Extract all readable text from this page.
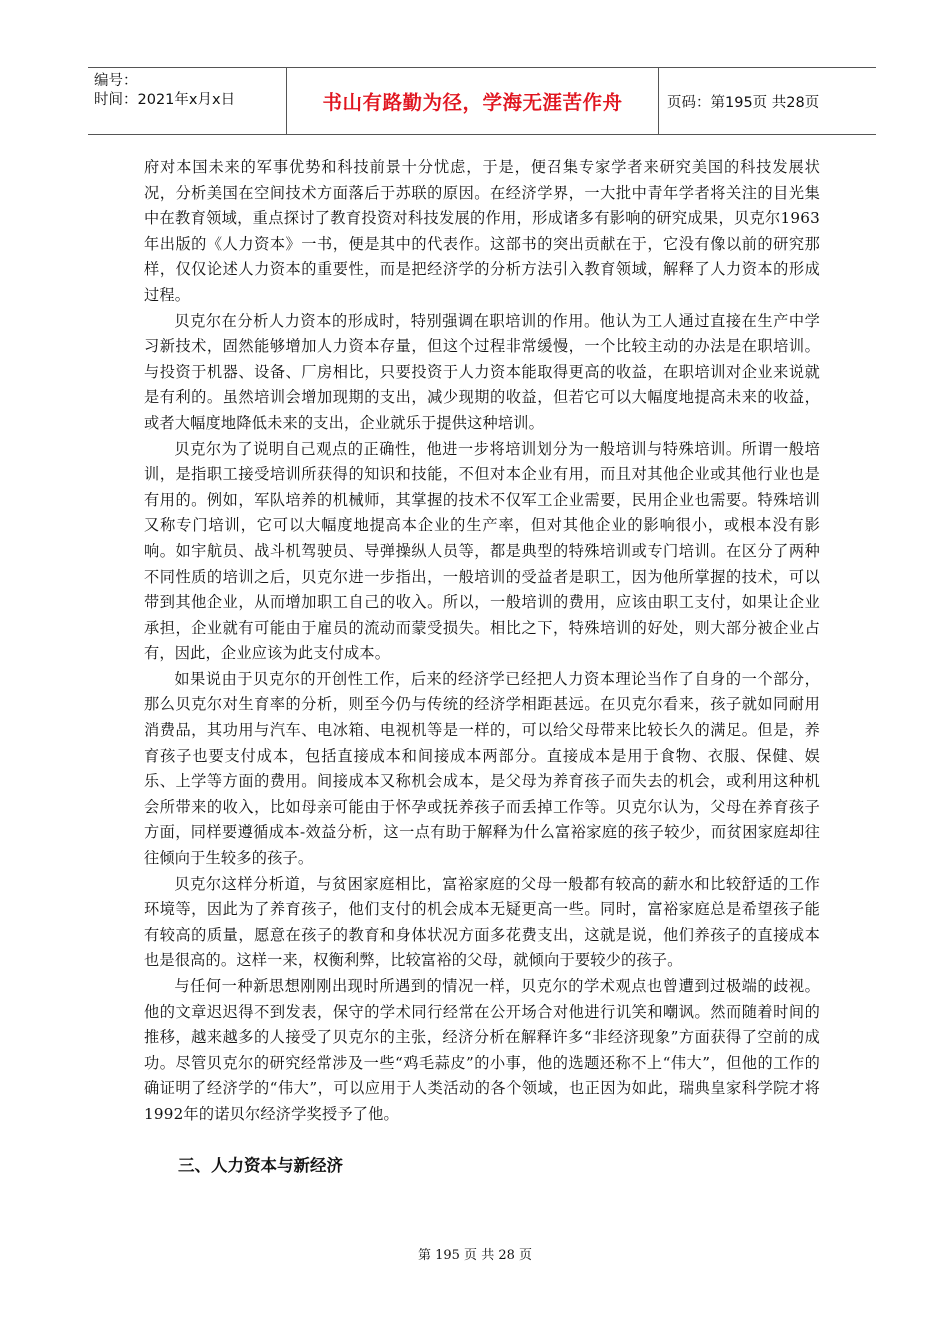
编号：
时间：2021年x月x日	书山有路勤为径，学海无涯苦作舟	页码：第195页 共28页

府对本国未来的军事优势和科技前景十分忧虑，于是，便召集专家学者来研究美国的科技发展状况，分析美国在空间技术方面落后于苏联的原因。在经济学界，一大批中青年学者将关注的目光集中在教育领域，重点探讨了教育投资对科技发展的作用，形成诸多有影响的研究成果，贝克尔1963年出版的《人力资本》一书，便是其中的代表作。这部书的突出贡献在于，它没有像以前的研究那样，仅仅论述人力资本的重要性，而是把经济学的分析方法引入教育领域，解释了人力资本的形成过程。

贝克尔在分析人力资本的形成时，特别强调在职培训的作用。他认为工人通过直接在生产中学习新技术，固然能够增加人力资本存量，但这个过程非常缓慢，一个比较主动的办法是在职培训。与投资于机器、设备、厂房相比，只要投资于人力资本能取得更高的收益，在职培训对企业来说就是有利的。虽然培训会增加现期的支出，减少现期的收益，但若它可以大幅度地提高未来的收益，或者大幅度地降低未来的支出，企业就乐于提供这种培训。

贝克尔为了说明自己观点的正确性，他进一步将培训划分为一般培训与特殊培训。所谓一般培训，是指职工接受培训所获得的知识和技能，不但对本企业有用，而且对其他企业或其他行业也是有用的。例如，军队培养的机械师，其掌握的技术不仅军工企业需要，民用企业也需要。特殊培训又称专门培训，它可以大幅度地提高本企业的生产率，但对其他企业的影响很小，或根本没有影响。如宇航员、战斗机驾驶员、导弹操纵人员等，都是典型的特殊培训或专门培训。在区分了两种不同性质的培训之后，贝克尔进一步指出，一般培训的受益者是职工，因为他所掌握的技术，可以带到其他企业，从而增加职工自己的收入。所以，一般培训的费用，应该由职工支付，如果让企业承担，企业就有可能由于雇员的流动而蒙受损失。相比之下，特殊培训的好处，则大部分被企业占有，因此，企业应该为此支付成本。

如果说由于贝克尔的开创性工作，后来的经济学已经把人力资本理论当作了自身的一个部分，那么贝克尔对生育率的分析，则至今仍与传统的经济学相距甚远。在贝克尔看来，孩子就如同耐用消费品，其功用与汽车、电冰箱、电视机等是一样的，可以给父母带来比较长久的满足。但是，养育孩子也要支付成本，包括直接成本和间接成本两部分。直接成本是用于食物、衣服、保健、娱乐、上学等方面的费用。间接成本又称机会成本，是父母为养育孩子而失去的机会，或利用这种机会所带来的收入，比如母亲可能由于怀孕或抚养孩子而丢掉工作等。贝克尔认为，父母在养育孩子方面，同样要遵循成本-效益分析，这一点有助于解释为什么富裕家庭的孩子较少，而贫困家庭却往往倾向于生较多的孩子。

贝克尔这样分析道，与贫困家庭相比，富裕家庭的父母一般都有较高的薪水和比较舒适的工作环境等，因此为了养育孩子，他们支付的机会成本无疑更高一些。同时，富裕家庭总是希望孩子能有较高的质量，愿意在孩子的教育和身体状况方面多花费支出，这就是说，他们养孩子的直接成本也是很高的。这样一来，权衡利弊，比较富裕的父母，就倾向于要较少的孩子。

与任何一种新思想刚刚出现时所遇到的情况一样，贝克尔的学术观点也曾遭到过极端的歧视。他的文章迟迟得不到发表，保守的学术同行经常在公开场合对他进行讥笑和嘲讽。然而随着时间的推移，越来越多的人接受了贝克尔的主张，经济分析在解释许多“非经济现象”方面获得了空前的成功。尽管贝克尔的研究经常涉及一些“鸡毛蒜皮”的小事，他的选题还称不上“伟大”，但他的工作的确证明了经济学的“伟大”，可以应用于人类活动的各个领域，也正因为如此，瑞典皇家科学院才将1992年的诺贝尔经济学奖授予了他。

三、人力资本与新经济
第 195 页 共 28 页
